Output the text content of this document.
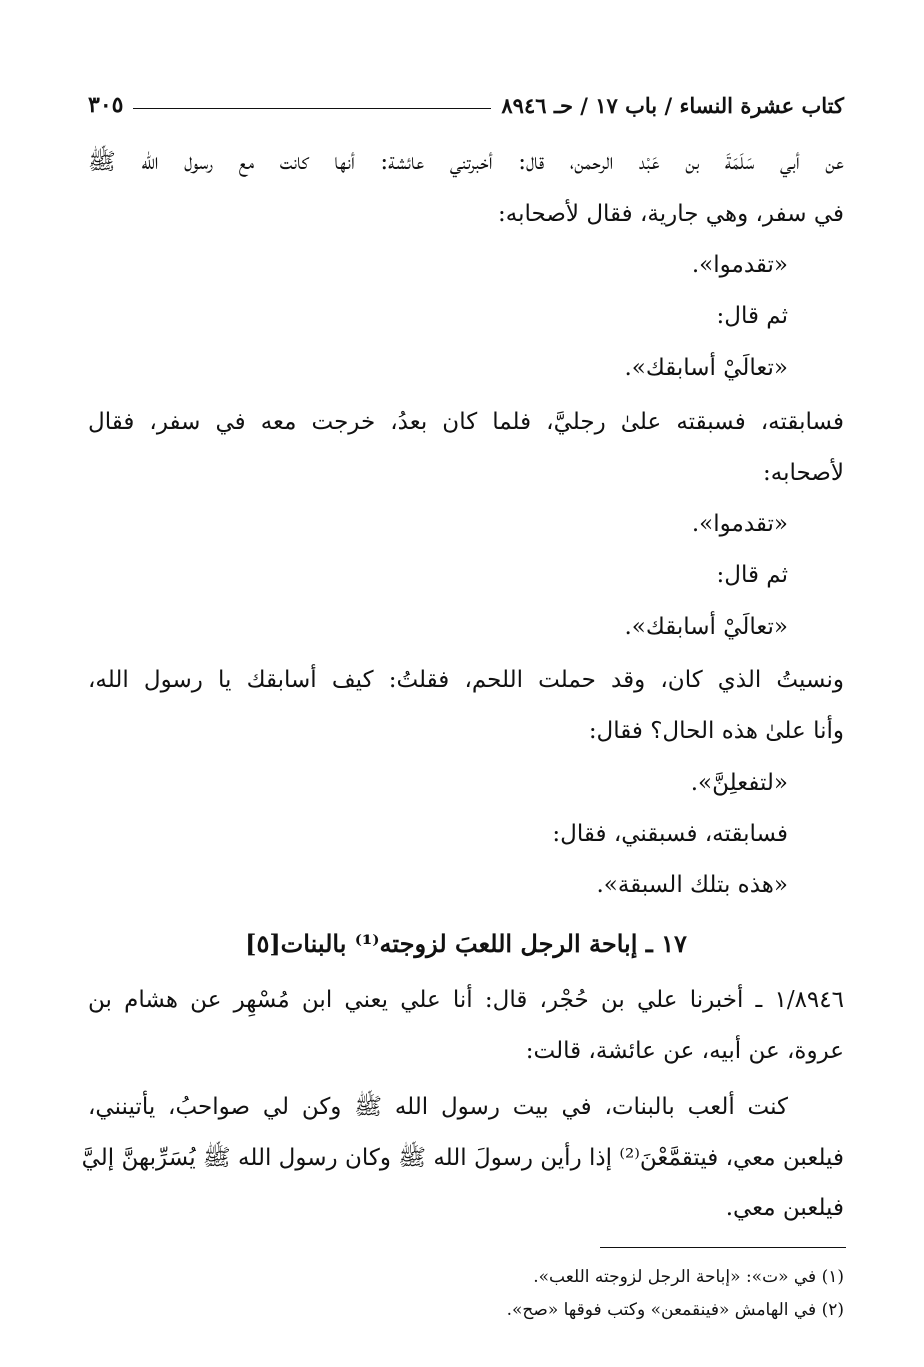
كتاب عشرة النساء / باب ١٧ / حـ ٨٩٤٦
٣٠٥
عن أبي سَلَمَةَ بن عَبْد الرحمن، قال: أخبرتني عائشة: أنها كانت مع رسول الله ﷺ
في سفر، وهي جارية، فقال لأصحابه:
«تقدموا».
ثم قال:
«تعالَيْ أسابقك».
فسابقته، فسبقته علىٰ رجليَّ، فلما كان بعدُ، خرجت معه في سفر، فقال
لأصحابه:
«تقدموا».
ثم قال:
«تعالَيْ أسابقك».
ونسيتُ الذي كان، وقد حملت اللحم، فقلتُ: كيف أسابقك يا رسول الله،
وأنا علىٰ هذه الحال؟ فقال:
«لتفعلِنَّ».
فسابقته، فسبقني، فقال:
«هذه بتلك السبقة».
١٧ ـ إباحة الرجل اللعبَ لزوجته⁽¹⁾ بالبنات[٥]
١/٨٩٤٦ ـ أخبرنا علي بن حُجْر، قال: أنا علي يعني ابن مُسْهِر عن هشام بن
عروة، عن أبيه، عن عائشة، قالت:
كنت ألعب بالبنات، في بيت رسول الله ﷺ وكن لي صواحبُ، يأتينني،
فيلعبن معي، فيتقمَّعْنَ⁽²⁾ إذا رأين رسولَ الله ﷺ وكان رسول الله ﷺ يُسَرِّبهنَّ إليَّ
فيلعبن معي.
(١) في «ت»: «إباحة الرجل لزوجته اللعب».
(٢) في الهامش «فينقمعن» وكتب فوقها «صح».
